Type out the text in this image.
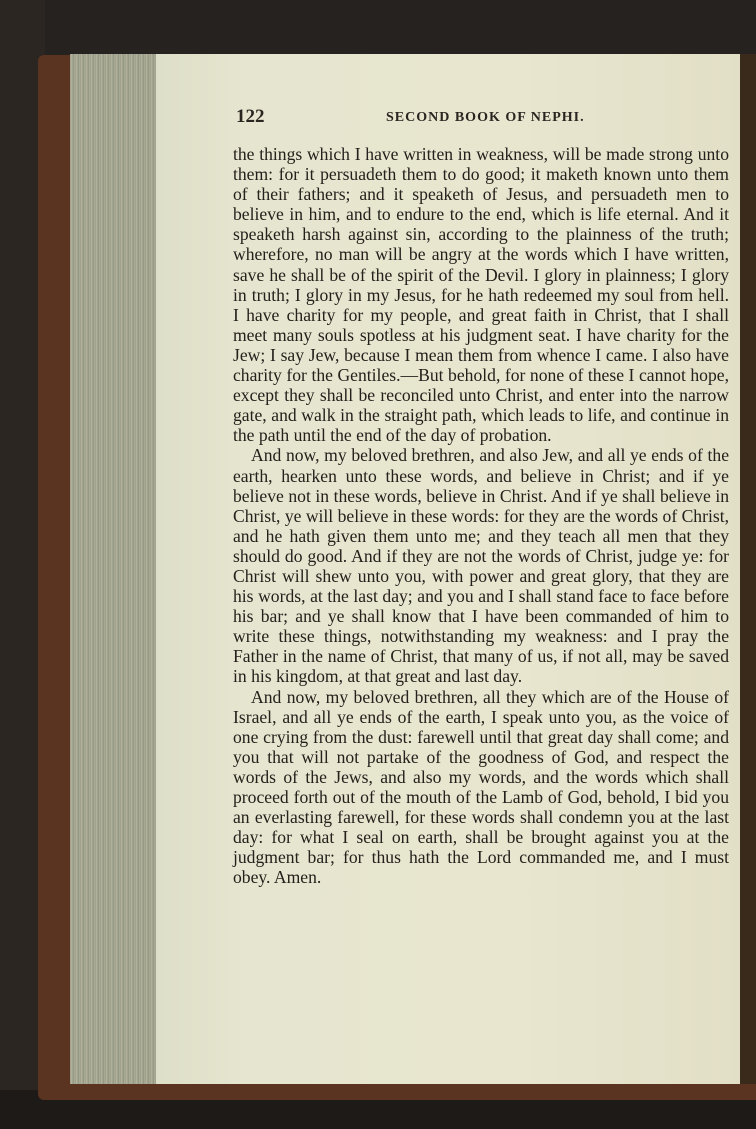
122	SECOND BOOK OF NEPHI.

the things which I have written in weakness, will be made strong unto them: for it persuadeth them to do good; it maketh known unto them of their fathers; and it speaketh of Jesus, and persuadeth men to believe in him, and to endure to the end, which is life eternal. And it speaketh harsh against sin, according to the plainness of the truth; wherefore, no man will be angry at the words which I have written, save he shall be of the spirit of the Devil. I glory in plainness; I glory in truth; I glory in my Jesus, for he hath redeemed my soul from hell. I have charity for my people, and great faith in Christ, that I shall meet many souls spotless at his judgment seat. I have charity for the Jew; I say Jew, because I mean them from whence I came. I also have charity for the Gentiles.—But behold, for none of these I cannot hope, except they shall be reconciled unto Christ, and enter into the narrow gate, and walk in the straight path, which leads to life, and continue in the path until the end of the day of probation.

And now, my beloved brethren, and also Jew, and all ye ends of the earth, hearken unto these words, and believe in Christ; and if ye believe not in these words, believe in Christ. And if ye shall believe in Christ, ye will believe in these words: for they are the words of Christ, and he hath given them unto me; and they teach all men that they should do good. And if they are not the words of Christ, judge ye: for Christ will shew unto you, with power and great glory, that they are his words, at the last day; and you and I shall stand face to face before his bar; and ye shall know that I have been commanded of him to write these things, notwithstanding my weakness: and I pray the Father in the name of Christ, that many of us, if not all, may be saved in his kingdom, at that great and last day.

And now, my beloved brethren, all they which are of the House of Israel, and all ye ends of the earth, I speak unto you, as the voice of one crying from the dust: farewell until that great day shall come; and you that will not partake of the goodness of God, and respect the words of the Jews, and also my words, and the words which shall proceed forth out of the mouth of the Lamb of God, behold, I bid you an everlasting farewell, for these words shall condemn you at the last day: for what I seal on earth, shall be brought against you at the judgment bar; for thus hath the Lord commanded me, and I must obey. Amen.
